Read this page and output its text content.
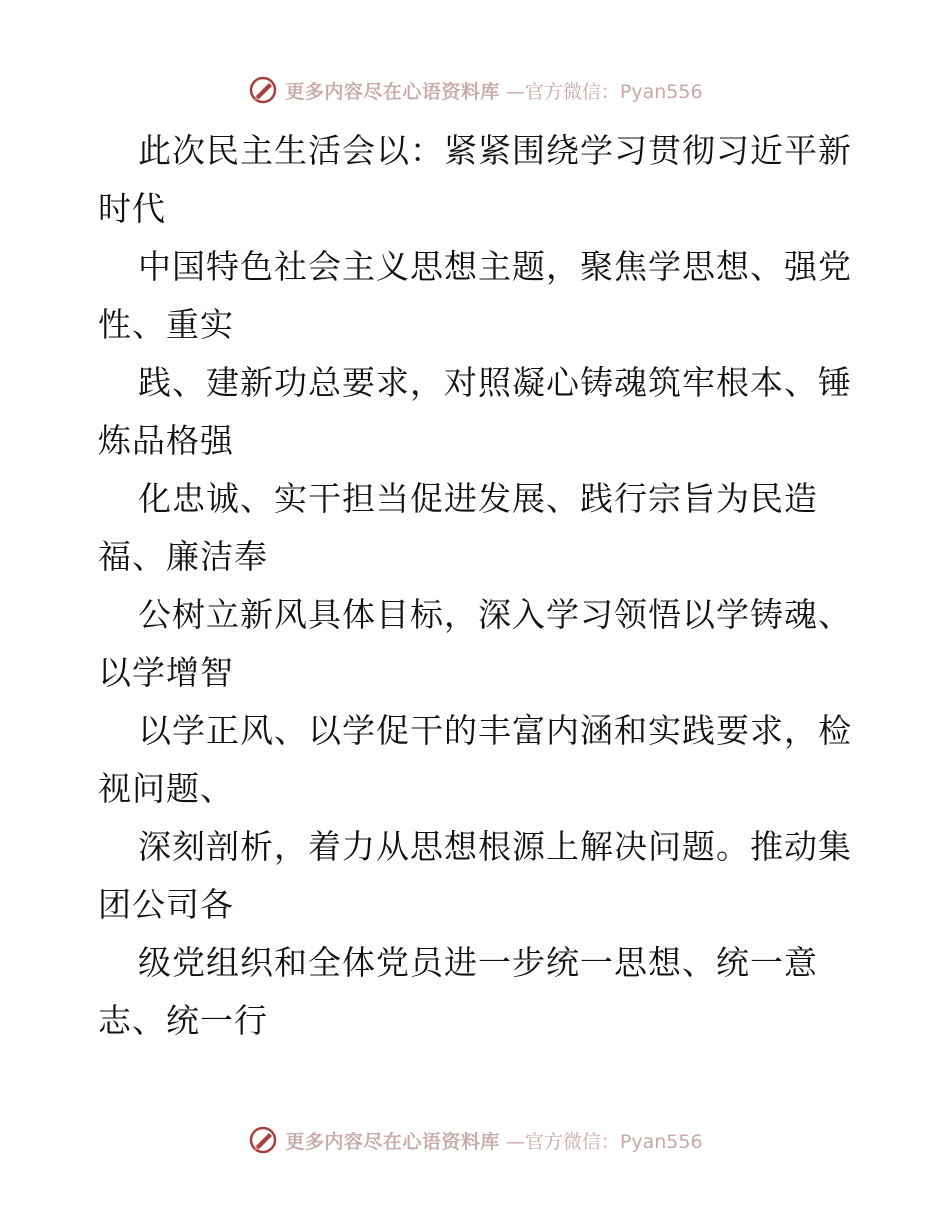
更多内容尽在心语资料库 —官方微信：Pyan556

此次民主生活会以：紧紧围绕学习贯彻习近平新
时代

中国特色社会主义思想主题，聚焦学思想、强党
性、重实

践、建新功总要求，对照凝心铸魂筑牢根本、锤
炼品格强

化忠诚、实干担当促进发展、践行宗旨为民造
福、廉洁奉

公树立新风具体目标，深入学习领悟以学铸魂、
以学增智

以学正风、以学促干的丰富内涵和实践要求，检
视问题、

深刻剖析，着力从思想根源上解决问题。推动集
团公司各

级党组织和全体党员进一步统一思想、统一意
志、统一行

更多内容尽在心语资料库 —官方微信：Pyan556
